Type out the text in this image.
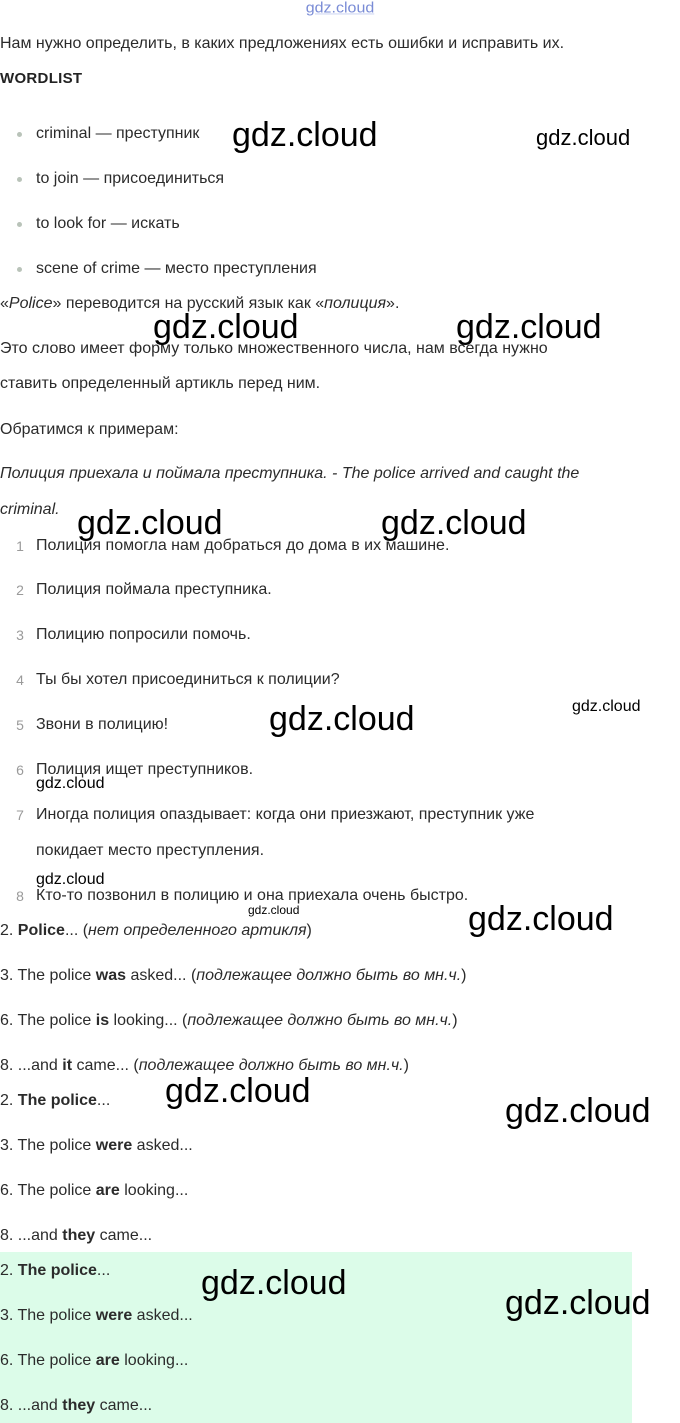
gdz.cloud
Нам нужно определить, в каких предложениях есть ошибки и исправить их.
WORDLIST
criminal — преступник
to join — присоединиться
to look for — искать
scene of crime — место преступления
«Police» переводится на русский язык как «полиция».
Это слово имеет форму только множественного числа, нам всегда нужно
ставить определенный артикль перед ним.
Обратимся к примерам:
Полиция приехала и поймала преступника. - The police arrived and caught the
criminal.
1 Полиция помогла нам добраться до дома в их машине.
2 Полиция поймала преступника.
3 Полицию попросили помочь.
4 Ты бы хотел присоединиться к полиции?
5 Звони в полицию!
6 Полиция ищет преступников.
7 Иногда полиция опаздывает: когда они приезжают, преступник уже
покидает место преступления.
8 Кто-то позвонил в полицию и она приехала очень быстро.
2. Police... (нет определенного артикля)
3. The police was asked... (подлежащее должно быть во мн.ч.)
6. The police is looking... (подлежащее должно быть во мн.ч.)
8. ...and it came... (подлежащее должно быть во мн.ч.)
2. The police...
3. The police were asked...
6. The police are looking...
8. ...and they came...
2. The police...
3. The police were asked...
6. The police are looking...
8. ...and they came...
gdz.cloud	gdz.cloud
gdz.cloud	gdz.cloud
gdz.cloud	gdz.cloud
gdz.cloud	gdz.cloud
gdz.cloud
gdz.cloud
gdz.cloud	gdz.cloud
gdz.cloud
gdz.cloud
gdz.cloud
gdz.cloud
